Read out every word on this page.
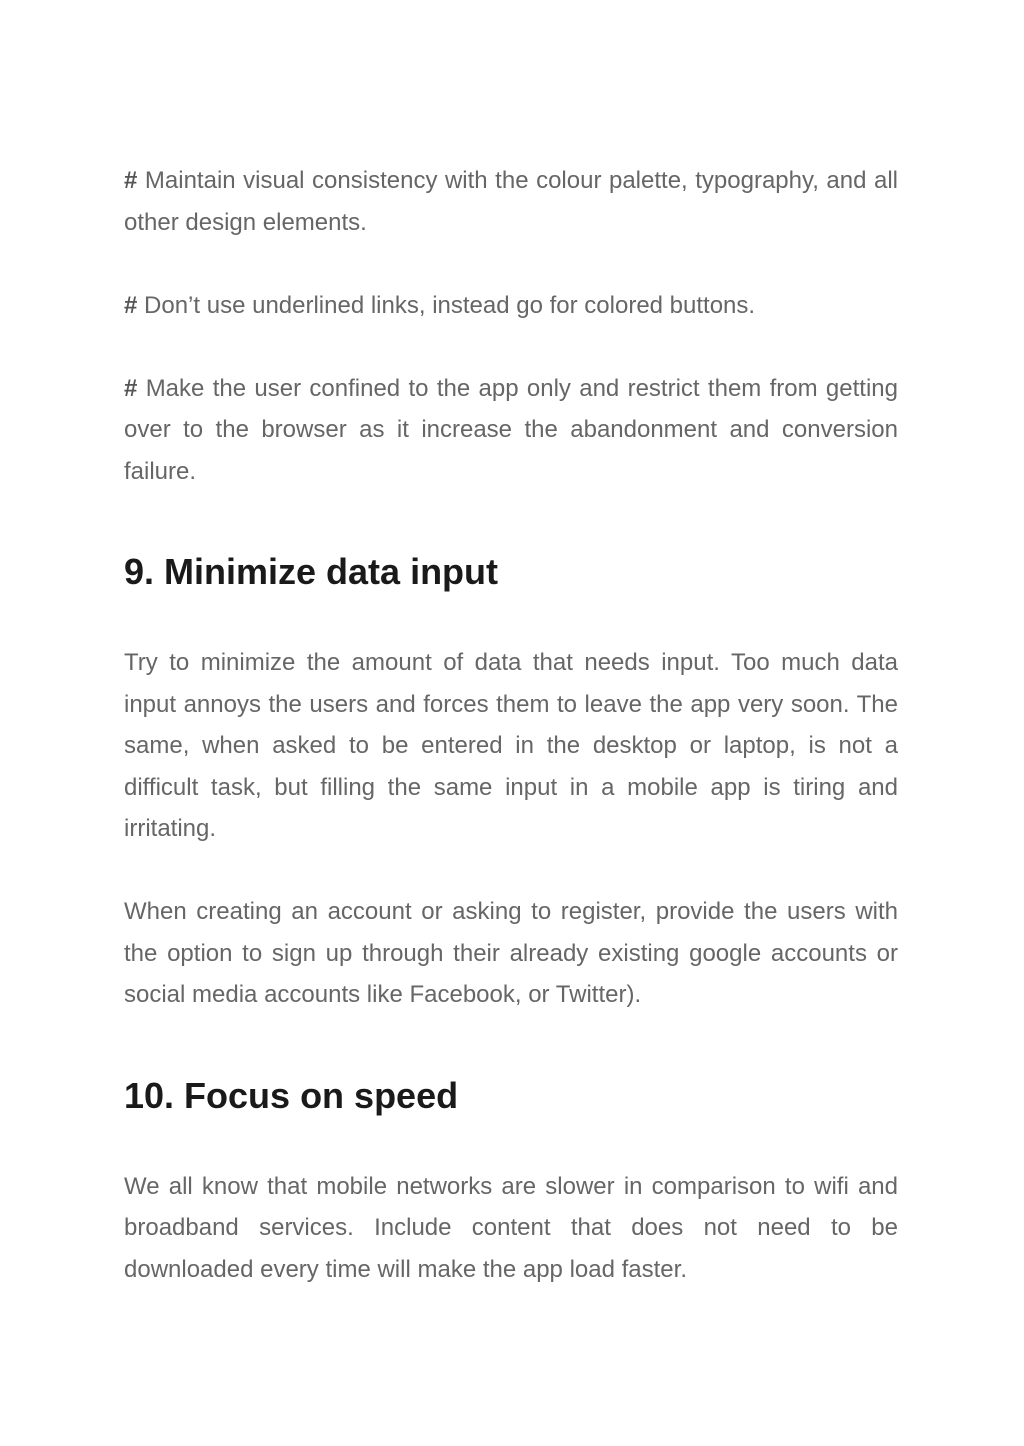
# Maintain visual consistency with the colour palette, typography, and all other design elements.

# Don’t use underlined links, instead go for colored buttons.

# Make the user confined to the app only and restrict them from getting over to the browser as it increase the abandonment and conversion failure.

9. Minimize data input

Try to minimize the amount of data that needs input. Too much data input annoys the users and forces them to leave the app very soon. The same, when asked to be entered in the desktop or laptop, is not a difficult task, but filling the same input in a mobile app is tiring and irritating.

When creating an account or asking to register, provide the users with the option to sign up through their already existing google accounts or social media accounts like Facebook, or Twitter).

10. Focus on speed

We all know that mobile networks are slower in comparison to wifi and broadband services. Include content that does not need to be downloaded every time will make the app load faster.
